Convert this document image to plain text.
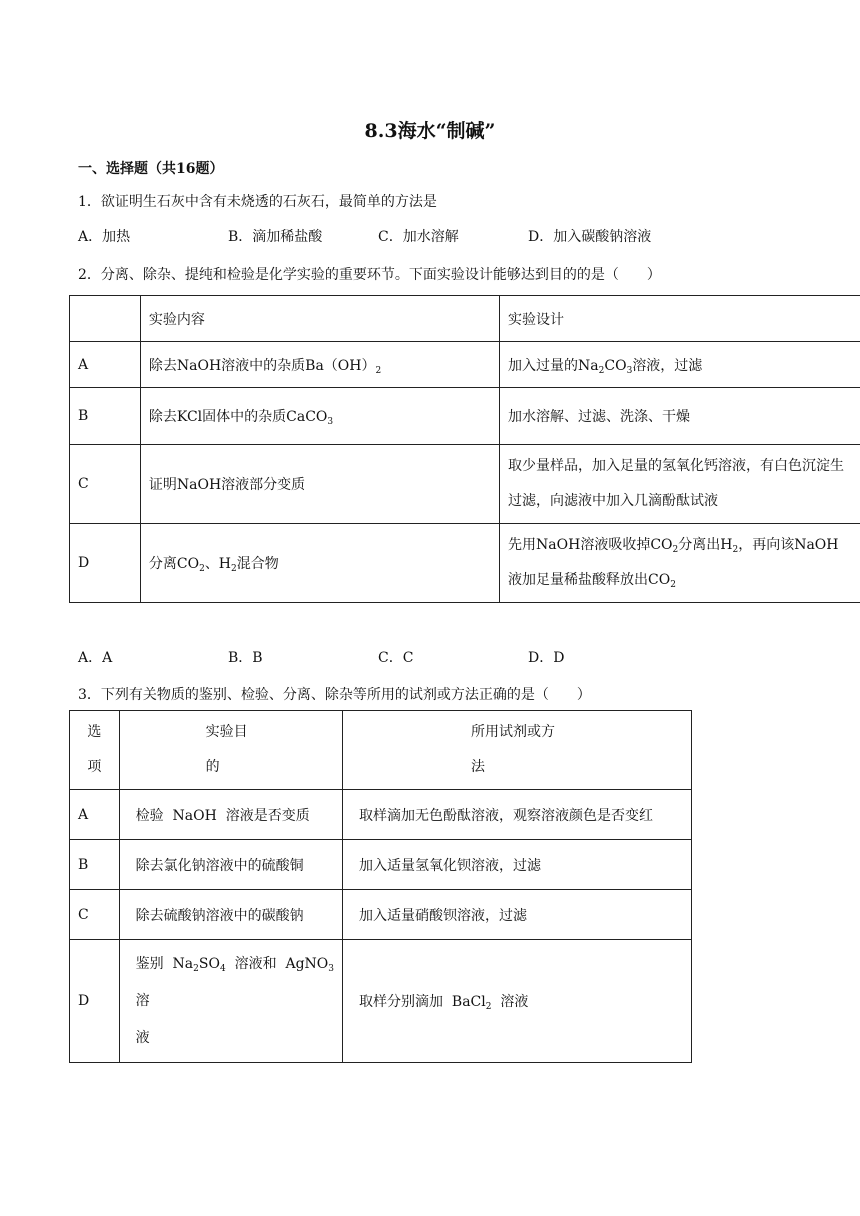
8.3海水“制碱”
一、选择题（共16题）
1．欲证明生石灰中含有未烧透的石灰石，最简单的方法是
A．加热	B．滴加稀盐酸	C．加水溶解	D．加入碳酸钠溶液
2．分离、除杂、提纯和检验是化学实验的重要环节。下面实验设计能够达到目的的是（　　）
	实验内容	实验设计
A	除去NaOH溶液中的杂质$Ba(OH)_2$	加入过量的$Na_2CO_3$溶液，过滤
B	除去KCl固体中的杂质CaCO$_3$	加水溶解、过滤、洗涤、干燥
C	证明NaOH溶液部分变质	取少量样品，加入足量的氢氧化钙溶液，有白色沉淀生
过滤，向滤液中加入几滴酚酞试液

D	分离$CO_2$、$H_2$混合物	先用NaOH溶液吸收掉$CO_2$分离出$H_2$，再向该NaOH
液加足量稀盐酸释放出$CO_2$
A．A	B．B	C．C	D．D
3．下列有关物质的鉴别、检验、分离、除杂等所用的试剂或方法正确的是（　　）
选
项	实验目
的	所用试剂或方
法

A	检验  NaOH  溶液是否变质	取样滴加无色酚酞溶液，观察溶液颜色是否变红
B	除去氯化钠溶液中的硫酸铜	加入适量氢氧化钡溶液，过滤
C	除去硫酸钠溶液中的碳酸钠	加入适量硝酸钡溶液，过滤
D	鉴别  $Na_2SO_4$  溶液和  AgNO$_3$
溶
液	取样分别滴加  BaCl$_2$  溶液
